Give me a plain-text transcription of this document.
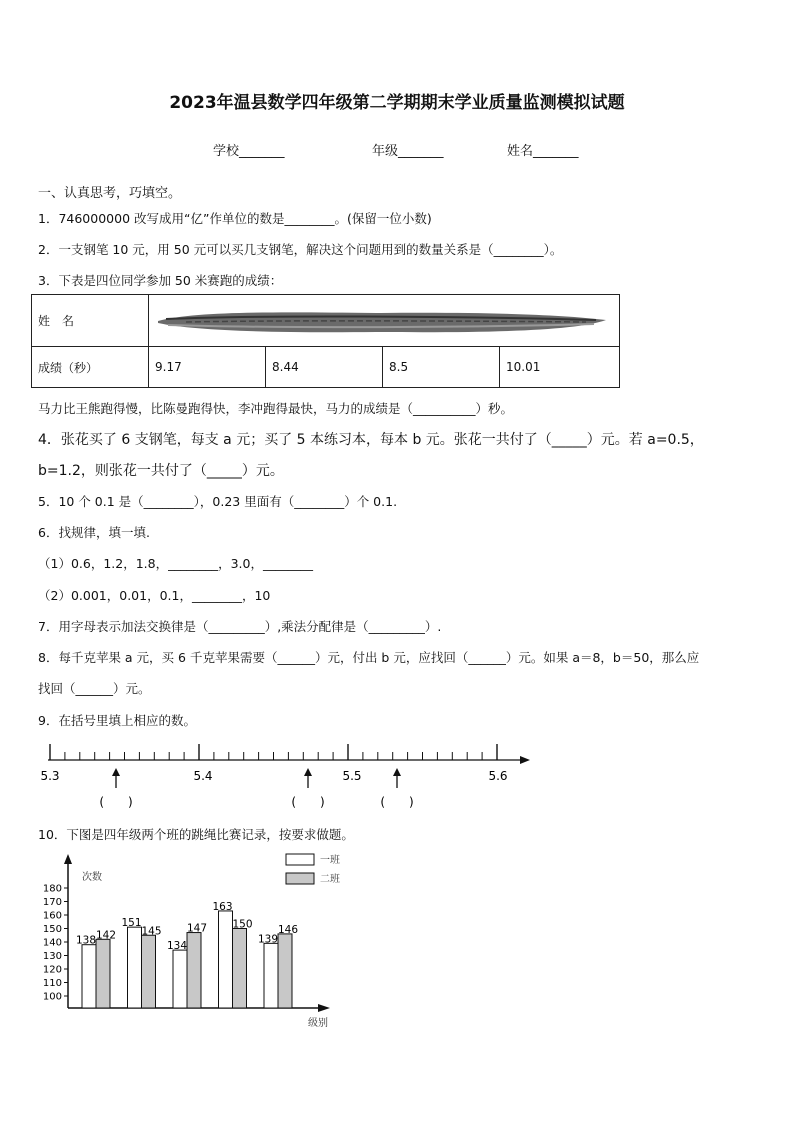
2023年温县数学四年级第二学期期末学业质量监测模拟试题
学校_______	年级_______	姓名_______
一、认真思考，巧填空。
1．746000000 改写成用“亿”作单位的数是________。(保留一位小数)
2．一支钢笔 10 元，用 50 元可以买几支钢笔，解决这个问题用到的数量关系是（________）。
3．下表是四位同学参加 50 米赛跑的成绩：
姓　名				
成绩（秒）	9.17	8.44	8.5	10.01
马力比王熊跑得慢，比陈曼跑得快，李冲跑得最快，马力的成绩是（__________）秒。
4．张花买了 6 支钢笔，每支 a 元；买了 5 本练习本，每本 b 元。张花一共付了（_____）元。若 a=0.5，
b=1.2，则张花一共付了（_____）元。
5．10 个 0.1 是（________），0.23 里面有（________）个 0.1.
6．找规律，填一填.
（1）0.6，1.2，1.8，________，3.0，________
（2）0.001，0.01，0.1，________，10
7．用字母表示加法交换律是（_________）,乘法分配律是（_________）.
8．每千克苹果 a 元，买 6 千克苹果需要（______）元，付出 b 元，应找回（______）元。如果 a＝8，b＝50，那么应
找回（______）元。
9．在括号里填上相应的数。
5.3	5.4	5.5	5.6
(　　)	(　　)	(　　)
10．下图是四年级两个班的跳绳比赛记录，按要求做题。
次数
级别
一班
二班
180
170
160
150
140
130
120
110
100
138 142
151
145
134
147
163
150
139
146
